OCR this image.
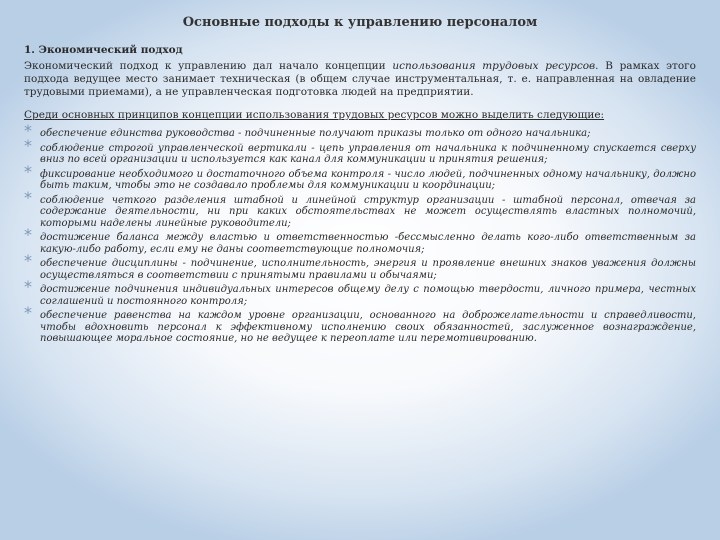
Основные подходы к управлению персоналом
1. Экономический подход

Экономический подход к управлению дал начало концепции использования трудовых ресурсов. В рамках этого подхода ведущее место занимает техническая (в общем случае инструментальная, т. е. направленная на овладение трудовыми приемами), а не управленческая подготовка людей на предприятии.

Среди основных принципов концепции использования трудовых ресурсов можно выделить следующие:
* обеспечение единства руководства - подчиненные получают приказы только от одного начальника;
* соблюдение строгой управленческой вертикали - цепь управления от начальника к подчиненному спускается сверху вниз по всей организации и используется как канал для коммуникации и принятия решения;
* фиксирование необходимого и достаточного объема контроля - число людей, подчиненных одному начальнику, должно быть таким, чтобы это не создавало проблемы для коммуникации и координации;
* соблюдение четкого разделения штабной и линейной структур организации - штабной персонал, отвечая за содержание деятельности, ни при каких обстоятельствах не может осуществлять властных полномочий, которыми наделены линейные руководители;
* достижение баланса между властью и ответственностью -бессмысленно делать кого-либо ответственным за какую-либо работу, если ему не даны соответствующие полномочия;
* обеспечение дисциплины - подчинение, исполнительность, энергия и проявление внешних знаков уважения должны осуществляться в соответствии с принятыми правилами и обычаями;
* достижение подчинения индивидуальных интересов общему делу с помощью твердости, личного примера, честных соглашений и постоянного контроля;
* обеспечение равенства на каждом уровне организации, основанного на доброжелательности и справедливости, чтобы вдохновить персонал к эффективному исполнению своих обязанностей, заслуженное вознаграждение, повышающее моральное состояние, но не ведущее к переоплате или перемотивированию.
